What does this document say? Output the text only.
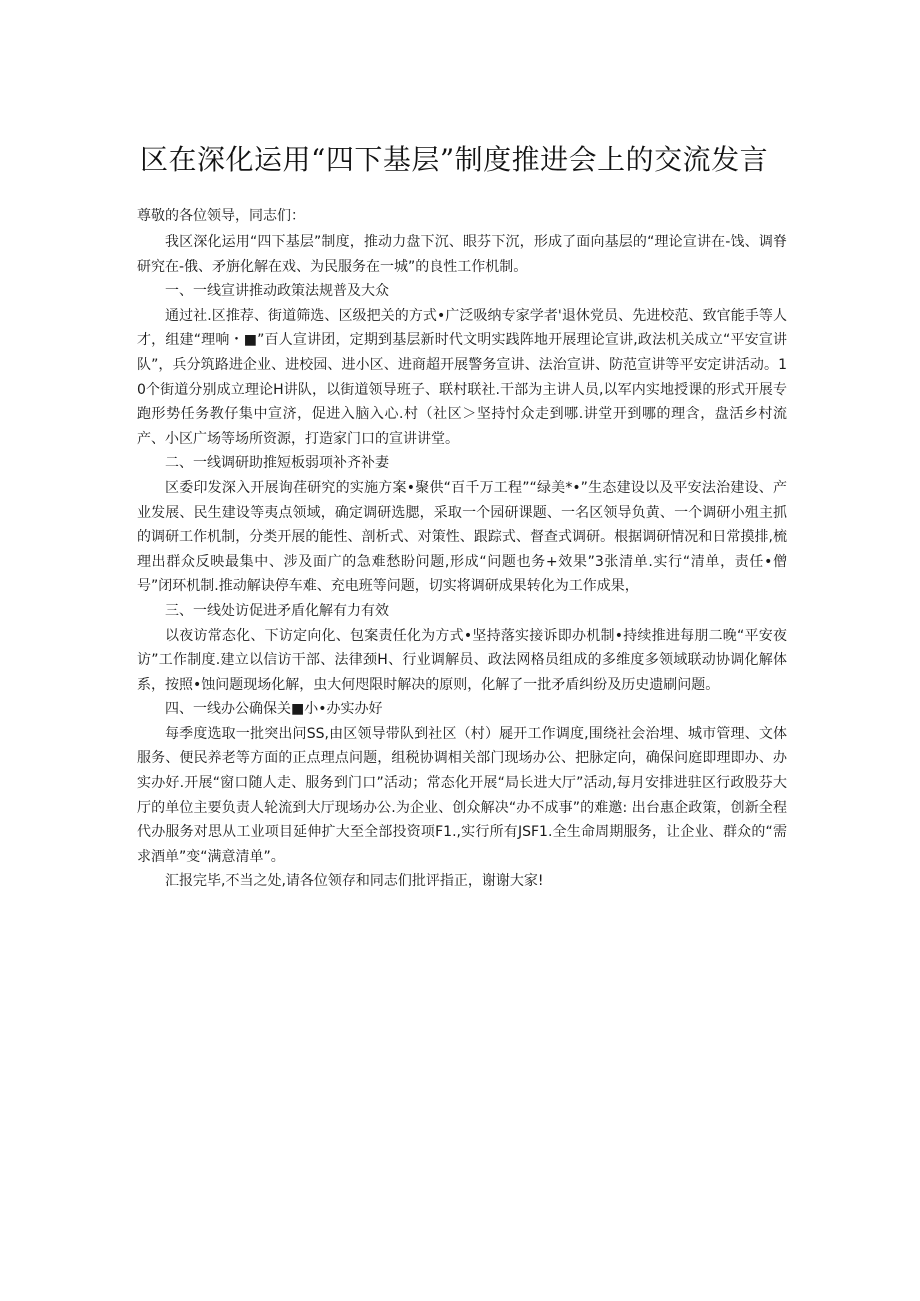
区在深化运用“四下基层”制度推进会上的交流发言

尊敬的各位领导，同志们：

我区深化运用“四下基层”制度，推动力盘下沉、眼芬下沉，形成了面向基层的“理论宣讲在-饯、调脊研究在-俄、矛旃化解在戏、为民服务在一城”的良性工作机制。

一、一线宣讲推动政策法规普及大众

通过社.区推荐、街道筛选、区级把关的方式•广泛吸纳专家学者'退休党员、先进校范、致官能手等人才，组建“理响・■”百人宣讲团，定期到基层新时代文明实践阵地开展理论宣讲,政法机关成立“平安宣讲队”，兵分筑路进企业、进校园、进小区、进商超开展警务宣讲、法治宣讲、防范宣讲等平安定讲活动。10个街道分别成立理论H讲队，以街道领导班子、联村联社.干部为主讲人员,以军内实地授课的形式开展专跑形势任务教仔集中宣济，促进入脑入心.村（社区＞坚持忖众走到哪.讲堂开到哪的理含，盘活乡村流产、小区广场等场所资源，打造家门口的宣讲讲堂。

二、一线调研助推短板弱项补齐补妻

区委印发深入开展询荏研究的实施方案•聚供“百千万工程”“绿美*•”生态建设以及平安法治建设、产业发展、民生建设等夷点领域，确定调研选腮，采取一个园研课题、一名区领导负黄、一个调研小殂主抓的调研工作机制，分类开展的能性、剖析式、对策性、跟踪式、督查式调研。根据调研情况和日常摸排,梳理出群众反映最集中、涉及面广的急难愁盼问题,形成“问题也务+效果”3张清单.实行“清单，责任•僧号”闭环机制.推动解诀停车难、充电班等问题，切实将调研成果转化为工作成果，

三、一线处访促进矛盾化解有力有效

以夜访常态化、下访定向化、包案责任化为方式•坚持落实接诉即办机制•持续推进每朋二晚“平安夜访”工作制度.建立以信访干部、法律颈H、行业调解员、政法网格员组成的多维度多领域联动协调化解体系，按照•蚀问题现场化解，虫大何咫限时解决的原则，化解了一批矛盾纠纷及历史遗刷问题。

四、一线办公确保关■小•办实办好

每季度选取一批突出问SS,由区领导带队到社区（村）屣开工作调度,围绕社会治埋、城市管理、文体服务、便民养老等方面的正点理点问题，组税协调相关部门现场办公、把脉定向，确保问庭即理即办、办实办好.开展“窗口随人走、服务到门口”活动；常态化开展“局长进大厅”活动,每月安排进驻区行政股芬大厅的单位主要负责人轮流到大厅现场办公.为企业、创众解决“办不成事”的难邀: 出台惠企政策，创新全程代办服务对思从工业项目延伸扩大至全部投资项F1.,实行所有JSF1.全生命周期服务，让企业、群众的“需求酒单”变“满意清单”。

汇报完毕,不当之处,请各位领存和同志们批评指正，谢谢大家!
